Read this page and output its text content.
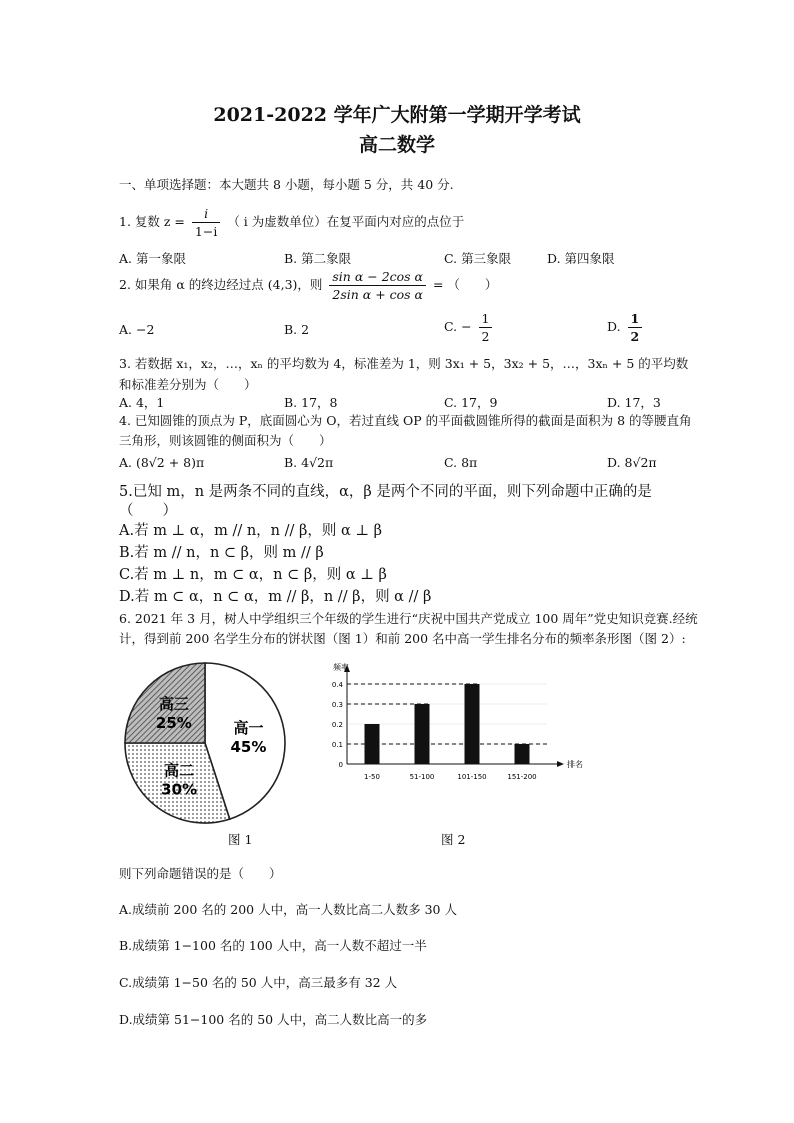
2021-2022 学年广大附第一学期开学考试
高二数学
一、单项选择题：本大题共 8 小题，每小题 5 分，共 40 分.
1. 复数 $z = \frac{i}{1-i}$ （ i 为虚数单位）在复平面内对应的点位于
A. 第一象限	B. 第二象限	C. 第三象限	D. 第四象限
2. 如果角 α 的终边经过点 (4,3)，则 $\frac{\text{sin α − 2cos α}}{\text{2sin α + cos α}}$ = （　　）
A. −2	B. 2	C. − $\frac{1}{2}$	D. $\frac{1}{2}$
3. 若数据 x₁，x₂，…，xₙ 的平均数为 4，标准差为 1，则 3x₁ + 5，3x₂ + 5，…，3xₙ + 5 的平均数
和标准差分别为（　　）
A. 4，1	B. 17，8	C. 17，9	D. 17，3
4. 已知圆锥的顶点为 P，底面圆心为 O，若过直线 OP 的平面截圆锥所得的截面是面积为 8 的等腰直角
三角形，则该圆锥的侧面积为（　　）
A. (8√2 + 8)π	B. 4√2π	C. 8π	D. 8√2π
5.已知 m，n 是两条不同的直线，α，β 是两个不同的平面，则下列命题中正确的是
（　　）
A.若 m ⊥ α，m // n，n // β，则 α ⊥ β
B.若 m // n，n ⊂ β，则 m // β
C.若 m ⊥ n，m ⊂ α，n ⊂ β，则 α ⊥ β
D.若 m ⊂ α，n ⊂ α，m // β，n // β，则 α // β
6. 2021 年 3 月，树人中学组织三个年级的学生进行“庆祝中国共产党成立 100 周年”党史知识竞赛.经统
计，得到前 200 名学生分布的饼状图（图 1）和前 200 名中高一学生排名分布的频率条形图（图 2）:
高一
45%
高二
30%
高三
25%
图 1
频率
排名
0
0.1
0.2
0.3
0.4
1-50	51-100	101-150	151-200
图 2
则下列命题错误的是（　　）
A.成绩前 200 名的 200 人中，高一人数比高二人数多 30 人
B.成绩第 1−100 名的 100 人中，高一人数不超过一半
C.成绩第 1−50 名的 50 人中，高三最多有 32 人
D.成绩第 51−100 名的 50 人中，高二人数比高一的多
